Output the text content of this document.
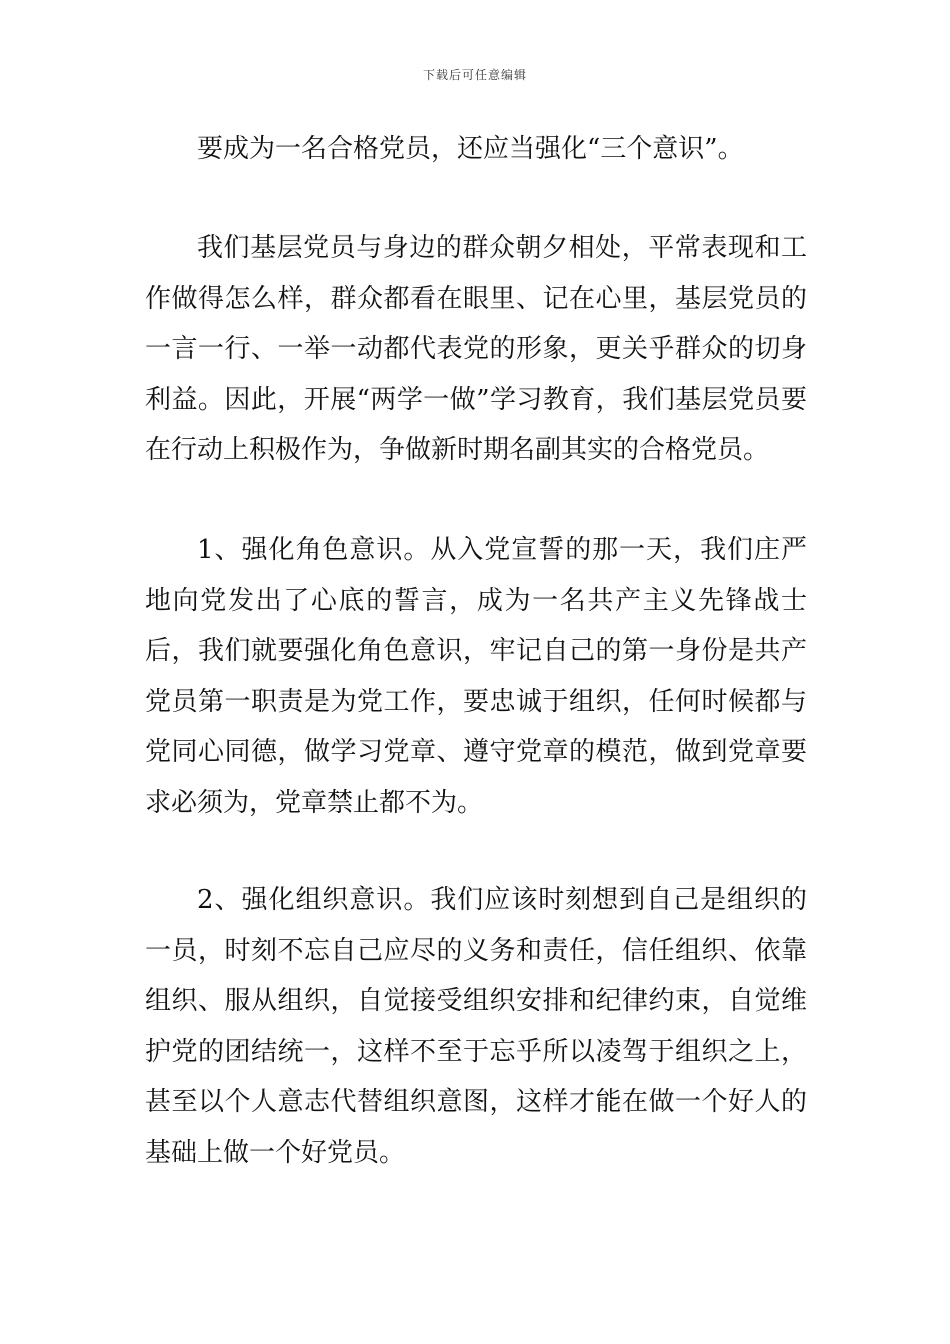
下载后可任意编辑

要成为一名合格党员，还应当强化“三个意识”。

我们基层党员与身边的群众朝夕相处，平常表现和工作做得怎么样，群众都看在眼里、记在心里，基层党员的一言一行、一举一动都代表党的形象，更关乎群众的切身利益。因此，开展“两学一做”学习教育，我们基层党员要在行动上积极作为，争做新时期名副其实的合格党员。

1、强化角色意识。从入党宣誓的那一天，我们庄严地向党发出了心底的誓言，成为一名共产主义先锋战士后，我们就要强化角色意识，牢记自己的第一身份是共产党员第一职责是为党工作，要忠诚于组织，任何时候都与党同心同德，做学习党章、遵守党章的模范，做到党章要求必须为，党章禁止都不为。

2、强化组织意识。我们应该时刻想到自己是组织的一员，时刻不忘自己应尽的义务和责任，信任组织、依靠组织、服从组织，自觉接受组织安排和纪律约束，自觉维护党的团结统一，这样不至于忘乎所以凌驾于组织之上，甚至以个人意志代替组织意图，这样才能在做一个好人的基础上做一个好党员。
